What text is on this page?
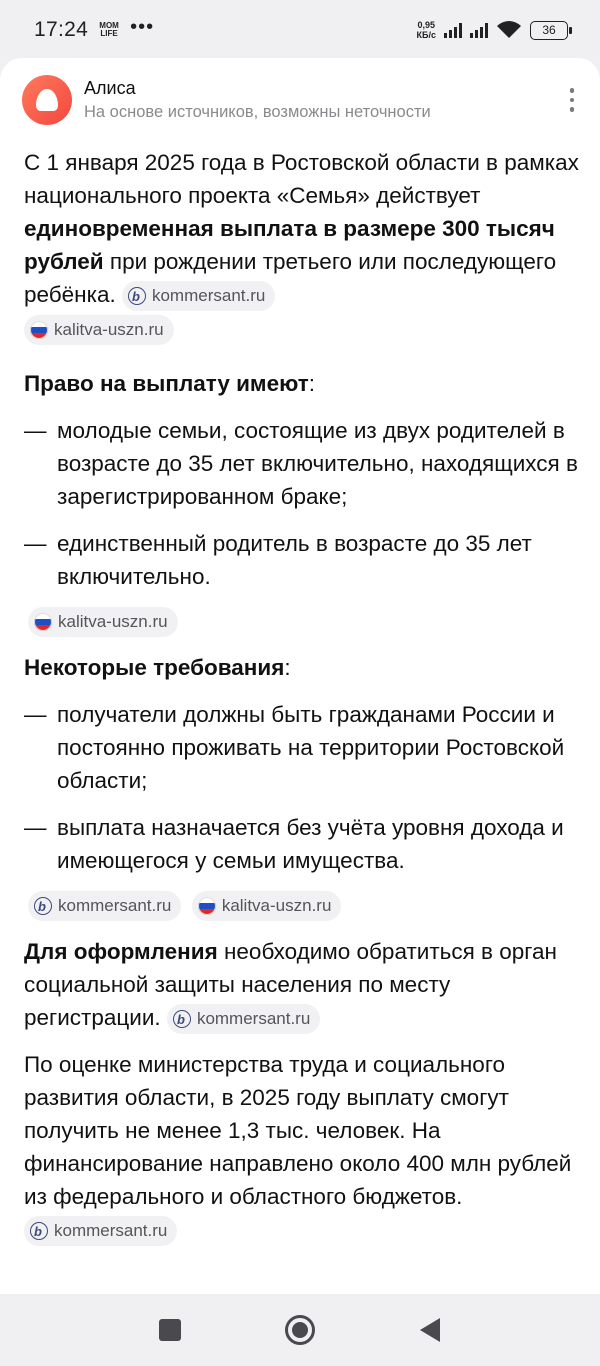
17:24 MOM LIFE •••	0,95
КБ/с	36
Алиса
На основе источников, возможны неточности

С 1 января 2025 года в Ростовской области в рамках национального проекта «Семья» действует единовременная выплата в размере 300 тысяч рублей при рождении третьего или последующего ребёнка. b kommersant.ru

kalitva-uszn.ru

Право на выплату имеют:

— молодые семьи, состоящие из двух родителей в возрасте до 35 лет включительно, находящихся в зарегистрированном браке;
— единственный родитель в возрасте до 35 лет включительно.
kalitva-uszn.ru

Некоторые требования:

— получатели должны быть гражданами России и постоянно проживать на территории Ростовской области;
— выплата назначается без учёта уровня дохода и имеющегося у семьи имущества.
b
kommersant.ru
	kalitva-uszn.ru

Для оформления необходимо обратиться в орган социальной защиты населения по месту регистрации. b kommersant.ru

По оценке министерства труда и социального развития области, в 2025 году выплату смогут получить не менее 1,3 тыс. человек. На финансирование направлено около 400 млн рублей из федерального и областного бюджетов.
b
kommersant.ru
